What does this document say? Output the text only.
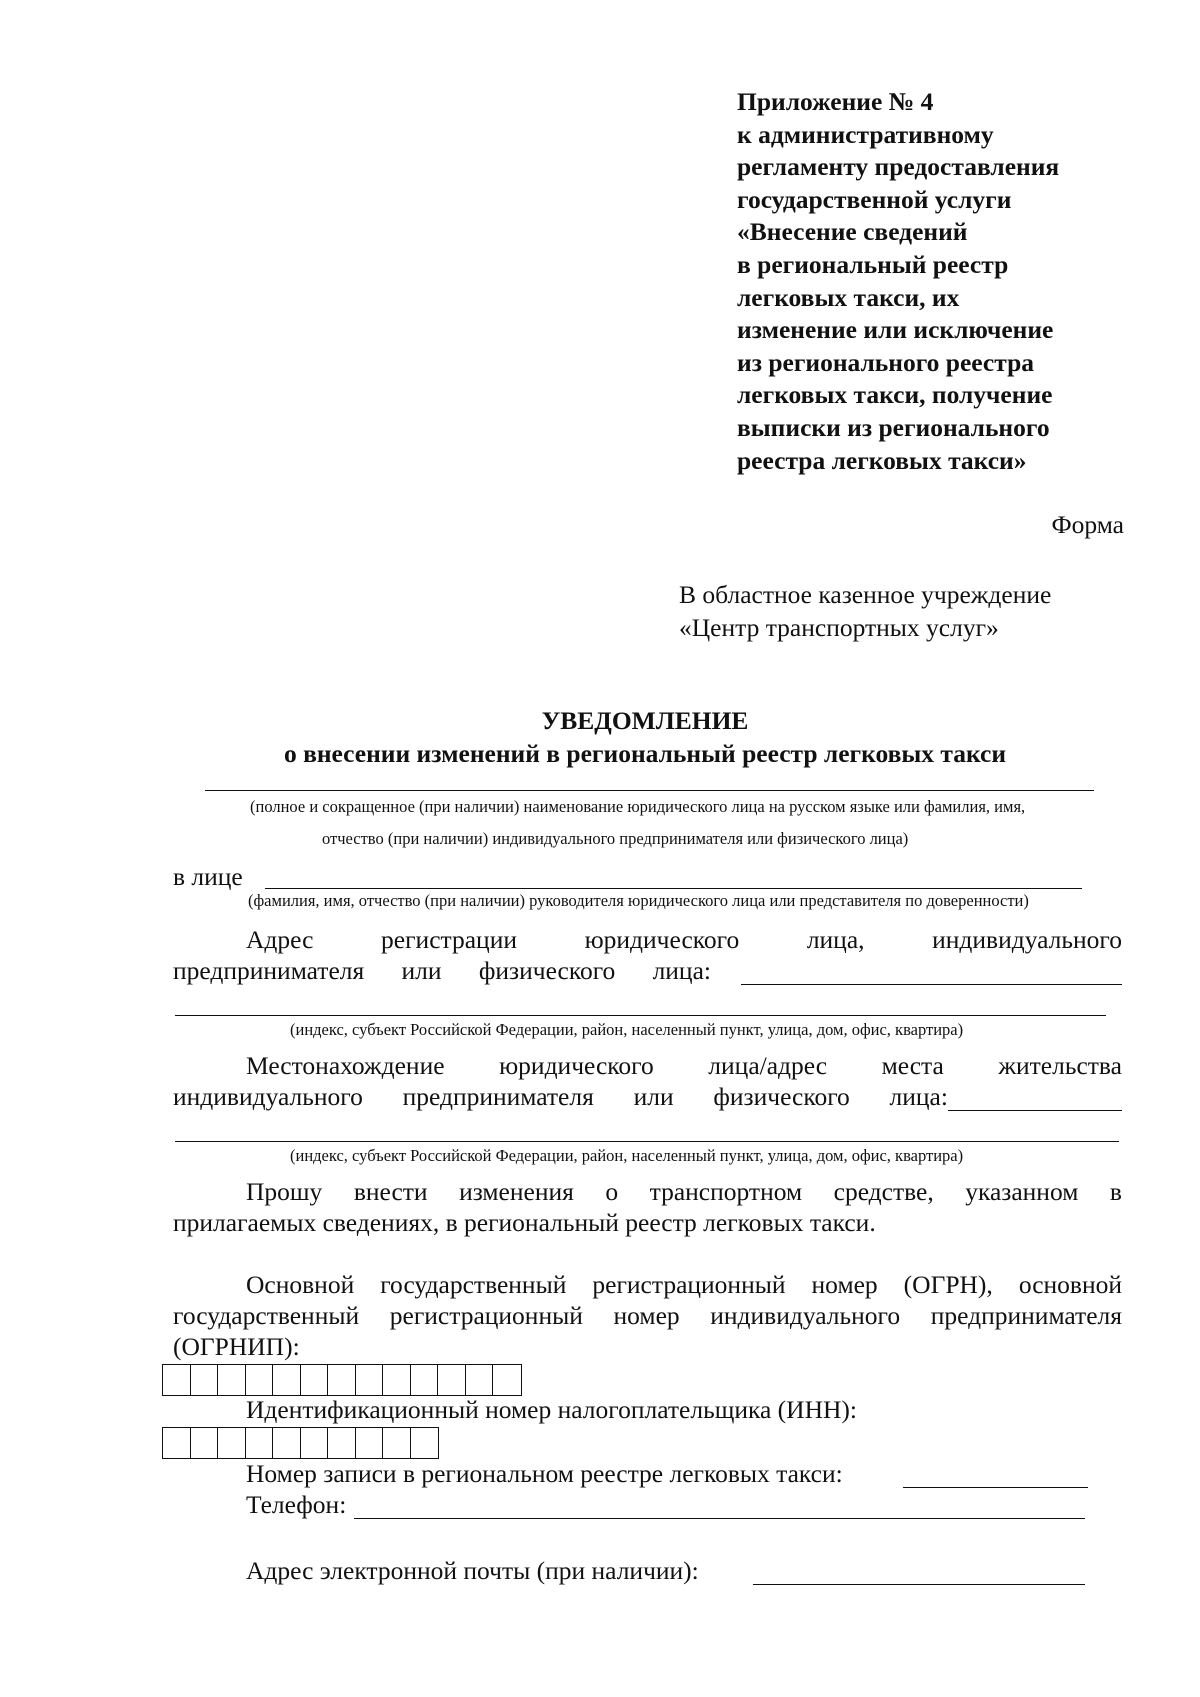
Приложение № 4
к административному
регламенту предоставления
государственной услуги
«Внесение сведений
в региональный реестр
легковых такси, их
изменение или исключение
из регионального реестра
легковых такси, получение
выписки из регионального
реестра легковых такси»
Форма
В областное казенное учреждение
«Центр транспортных услуг»
УВЕДОМЛЕНИЕ
о внесении изменений в региональный реестр легковых такси
(полное и сокращенное (при наличии) наименование юридического лица на русском языке или фамилия, имя,
отчество (при наличии) индивидуального предпринимателя или физического лица)
в лице
(фамилия, имя, отчество (при наличии) руководителя юридического лица или представителя по доверенности)
Адрес	регистрации	юридического	лица,	индивидуального
предпринимателя или физического лица:
(индекс, субъект Российской Федерации, район, населенный пункт, улица, дом, офис, квартира)
Местонахождение юридического лица/адрес места жительства
индивидуального предпринимателя или физического лица:
(индекс, субъект Российской Федерации, район, населенный пункт, улица, дом, офис, квартира)
Прошу внести изменения о транспортном средстве, указанном в
прилагаемых сведениях, в региональный реестр легковых такси.
Основной государственный регистрационный номер (ОГРН), основной
государственный регистрационный номер индивидуального предпринимателя
(ОГРНИП):
Идентификационный номер налогоплательщика (ИНН):
Номер записи в региональном реестре легковых такси:
Телефон:
Адрес электронной почты (при наличии):
